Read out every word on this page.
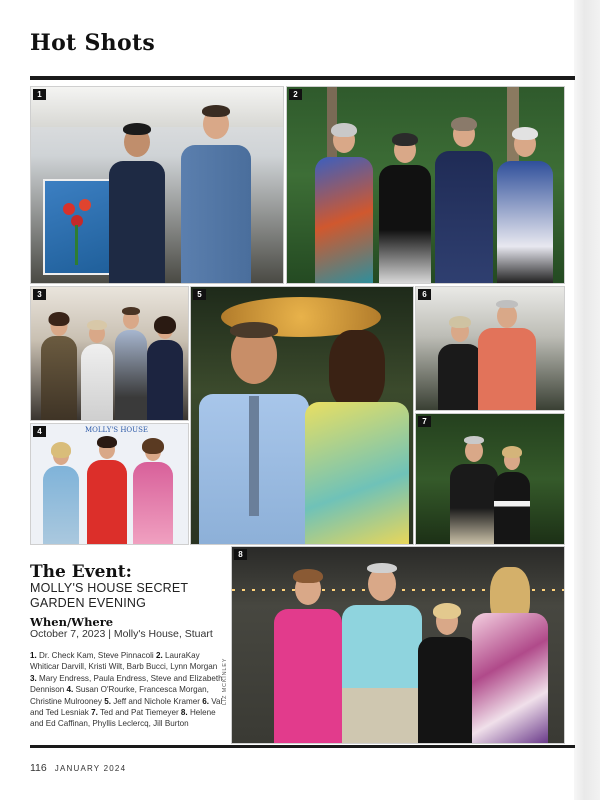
Hot Shots
1	2
3
4	MOLLY'S HOUSE
5	6
7
8
The Event:
MOLLY'S HOUSE SECRET GARDEN EVENING
When/Where
October 7, 2023 | Molly's House, Stuart
1. Dr. Check Kam, Steve Pinnacoli 2. LauraKay Whiticar Darvill, Kristi Wilt, Barb Bucci, Lynn Morgan 3. Mary Endress, Paula Endress, Steve and Elizabeth Dennison 4. Susan O'Rourke, Francesca Morgan, Christine Mulrooney 5. Jeff and Nichole Kramer 6. Val and Ted Lesniak 7. Ted and Pat Tiemeyer 8. Helene and Ed Caffinan, Phyllis Leclercq, Jill Burton
LIZ MCKINLEY
116 JANUARY 2024
